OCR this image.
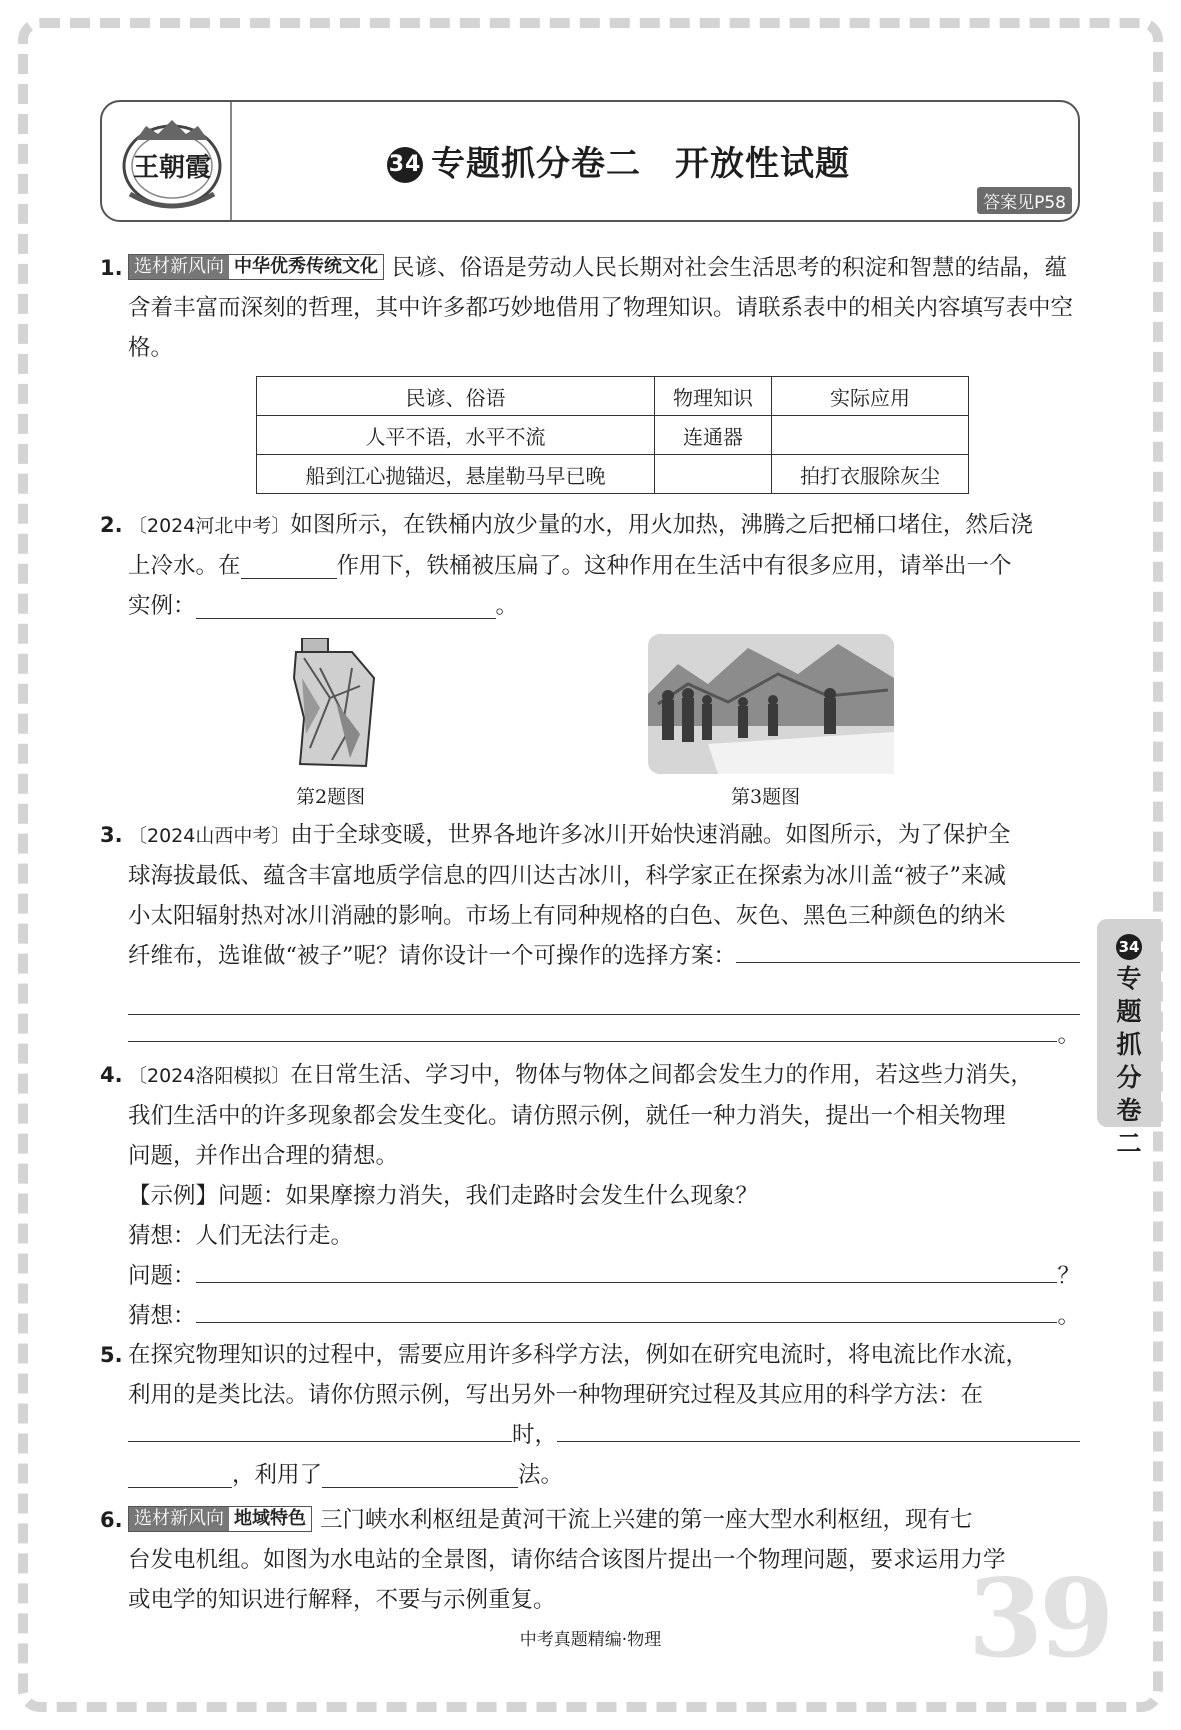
王朝霞	34 专题抓分卷二 开放性试题
答案见P58
1. 选材新风向 中华优秀传统文化 民谚、俗语是劳动人民长期对社会生活思考的积淀和智慧的结晶，蕴含着丰富而深刻的哲理，其中许多都巧妙地借用了物理知识。请联系表中的相关内容填写表中空格。
民谚、俗语	物理知识	实际应用
人平不语，水平不流	连通器	
船到江心抛锚迟，悬崖勒马早已晚		拍打衣服除灰尘
2. 〔2024河北中考〕如图所示，在铁桶内放少量的水，用火加热，沸腾之后把桶口堵住，然后浇
上冷水。在	作用下，铁桶被压扁了。这种作用在生活中有很多应用，请举出一个
实例：	。
第2题图	第3题图
3. 〔2024山西中考〕由于全球变暖，世界各地许多冰川开始快速消融。如图所示，为了保护全
球海拔最低、蕴含丰富地质学信息的四川达古冰川，科学家正在探索为冰川盖“被子”来减
小太阳辐射热对冰川消融的影响。市场上有同种规格的白色、灰色、黑色三种颜色的纳米
纤维布，选谁做“被子”呢？请你设计一个可操作的选择方案：
。
4. 〔2024洛阳模拟〕在日常生活、学习中，物体与物体之间都会发生力的作用，若这些力消失，
我们生活中的许多现象都会发生变化。请仿照示例，就任一种力消失，提出一个相关物理
问题，并作出合理的猜想。
【示例】问题：如果摩擦力消失，我们走路时会发生什么现象？
猜想：人们无法行走。
问题：	？
猜想：	。
5. 在探究物理知识的过程中，需要应用许多科学方法，例如在研究电流时，将电流比作水流，
利用的是类比法。请你仿照示例，写出另外一种物理研究过程及其应用的科学方法：在
时，
，利用了	法。
6. 选材新风向 地域特色 三门峡水利枢纽是黄河干流上兴建的第一座大型水利枢纽，现有七
台发电机组。如图为水电站的全景图，请你结合该图片提出一个物理问题，要求运用力学
或电学的知识进行解释，不要与示例重复。
34
专
题
抓
分
卷
二
39
中考真题精编·物理
